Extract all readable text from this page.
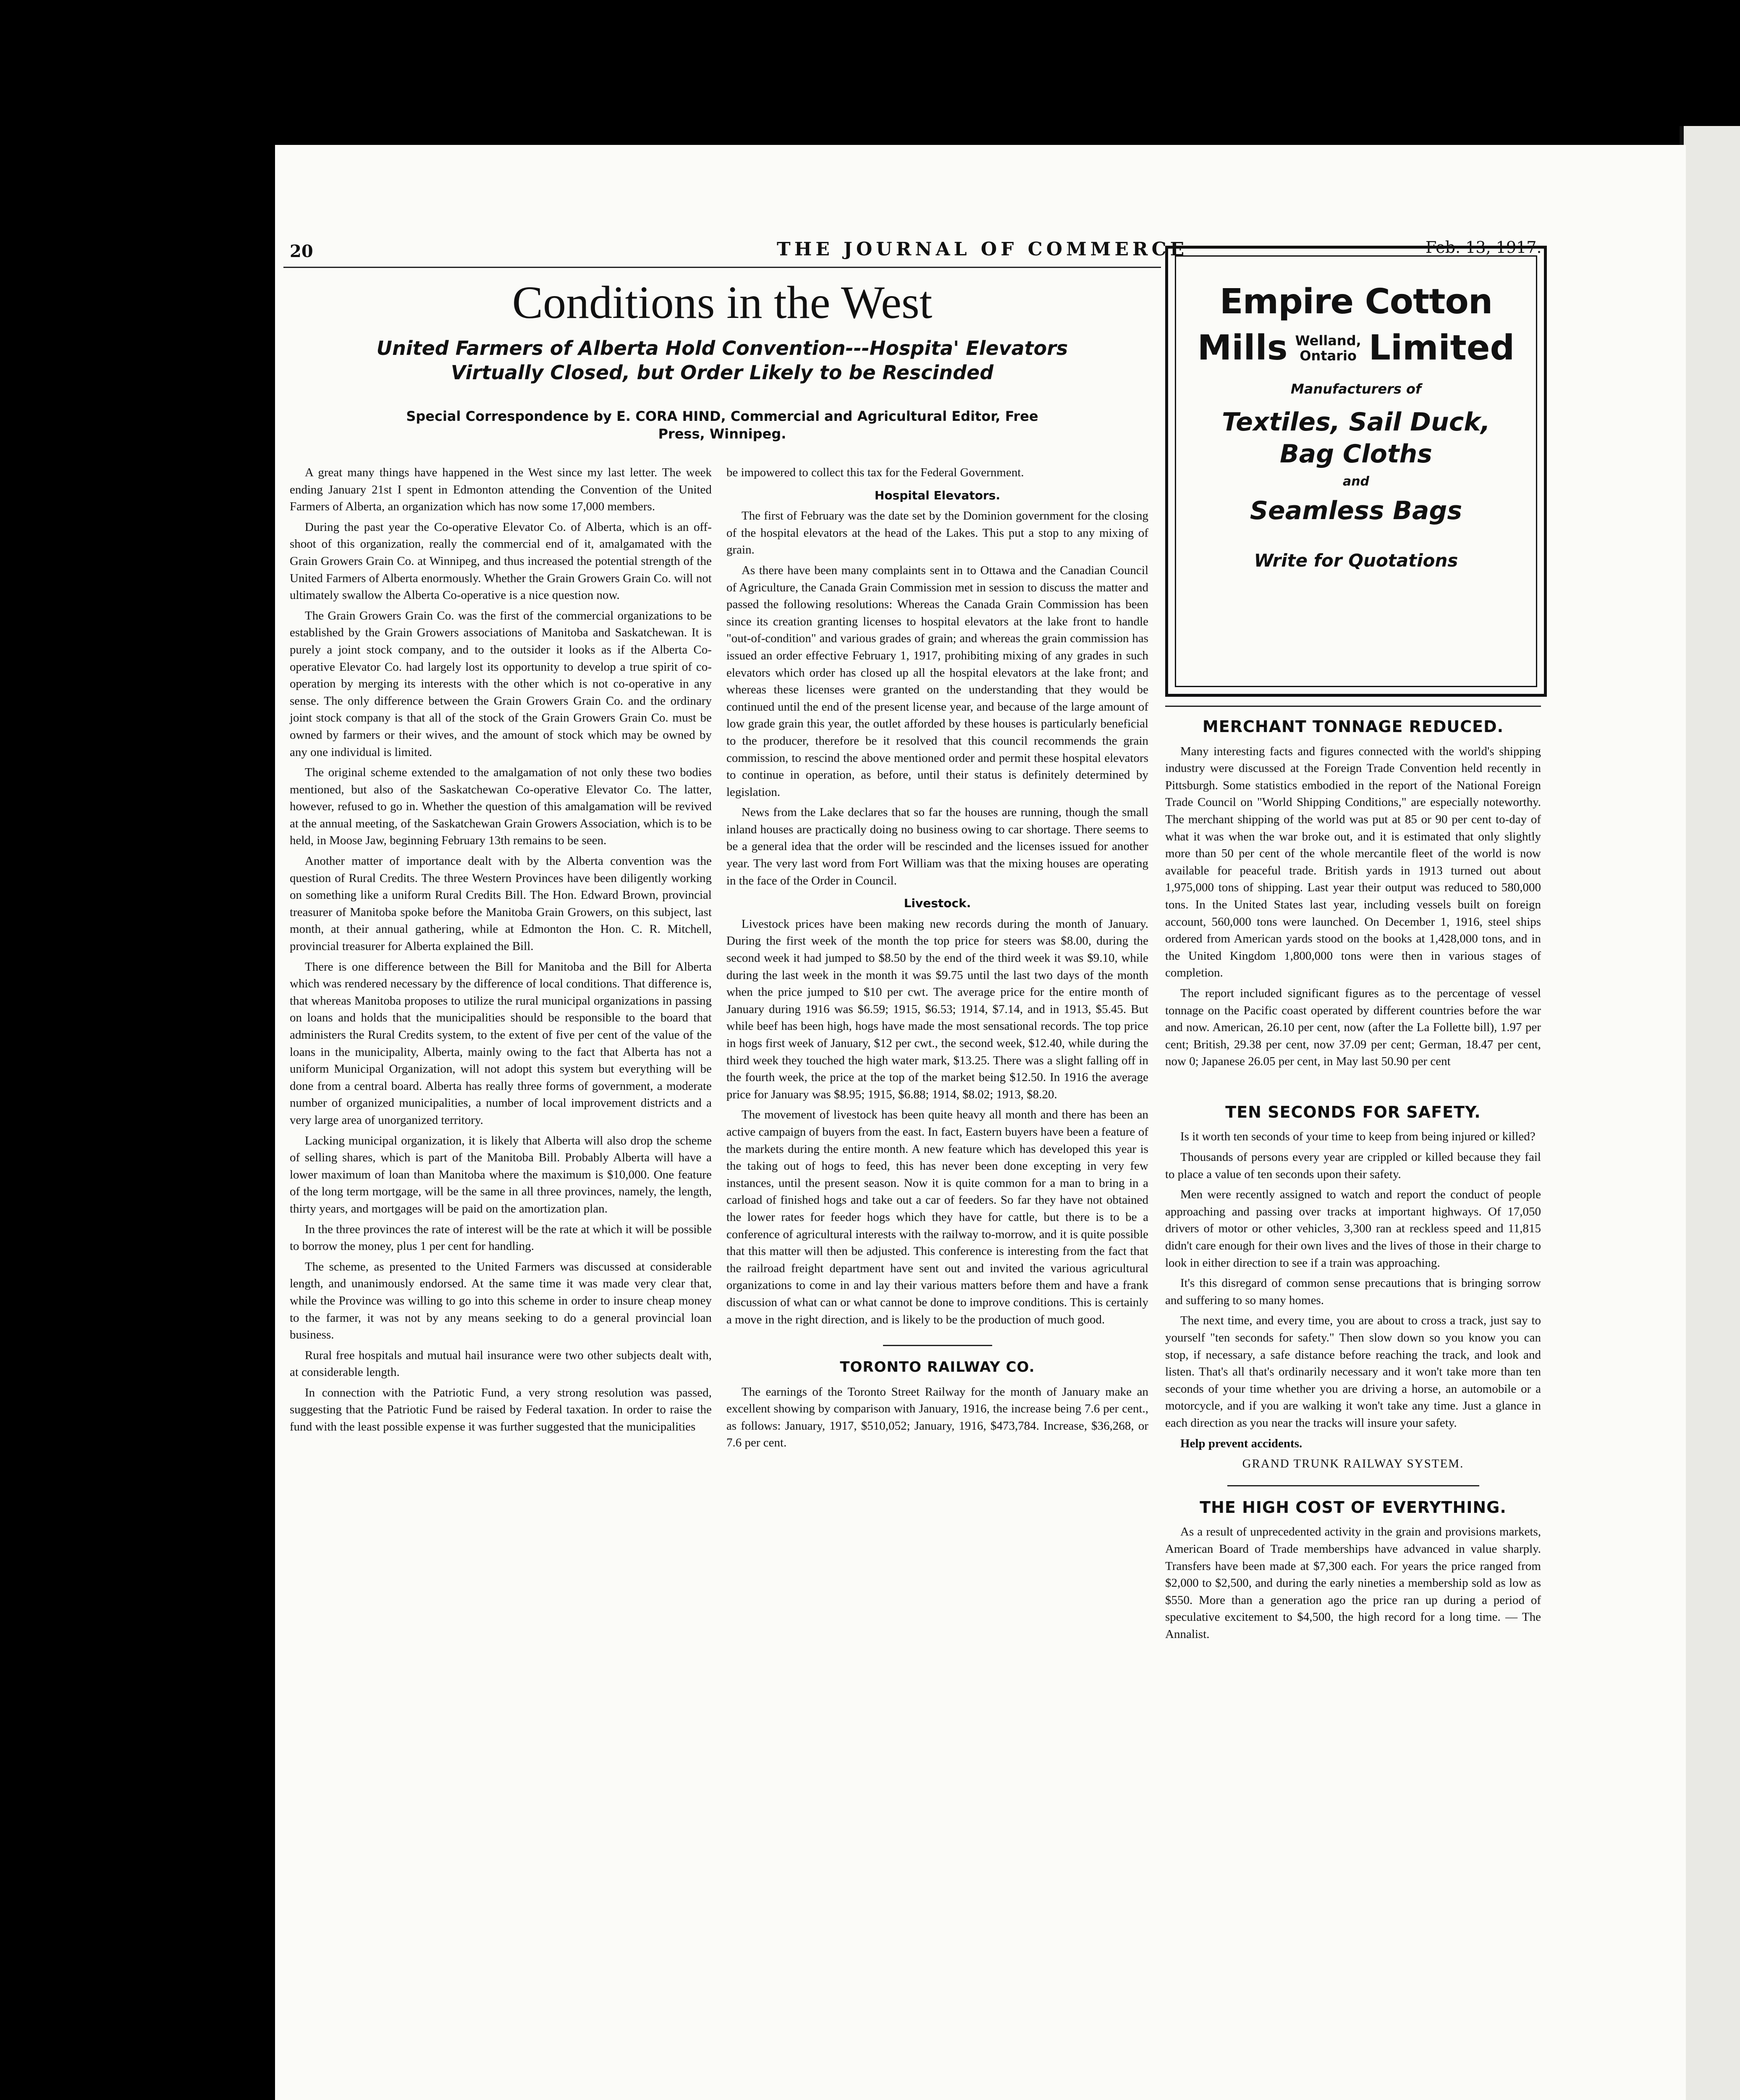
20	THE JOURNAL OF COMMERCE	Feb. 13, 1917.
Conditions in the West
United Farmers of Alberta Hold Convention---Hospita' Elevators
Virtually Closed, but Order Likely to be Rescinded
Special Correspondence by E. CORA HIND, Commercial and Agricultural Editor, Free
Press, Winnipeg.

A great many things have happened in the West since my last letter. The week ending January 21st I spent in Edmonton attending the Convention of the United Farmers of Alberta, an organization which has now some 17,000 members.

During the past year the Co-operative Elevator Co. of Alberta, which is an off-shoot of this organization, really the commercial end of it, amalgamated with the Grain Growers Grain Co. at Winnipeg, and thus increased the potential strength of the United Farmers of Alberta enormously. Whether the Grain Growers Grain Co. will not ultimately swallow the Alberta Co-operative is a nice question now.

The Grain Growers Grain Co. was the first of the commercial organizations to be established by the Grain Growers associations of Manitoba and Saskatchewan. It is purely a joint stock company, and to the outsider it looks as if the Alberta Co-operative Elevator Co. had largely lost its opportunity to develop a true spirit of co-operation by merging its interests with the other which is not co-operative in any sense. The only difference between the Grain Growers Grain Co. and the ordinary joint stock company is that all of the stock of the Grain Growers Grain Co. must be owned by farmers or their wives, and the amount of stock which may be owned by any one individual is limited.

The original scheme extended to the amalgamation of not only these two bodies mentioned, but also of the Saskatchewan Co-operative Elevator Co. The latter, however, refused to go in. Whether the question of this amalgamation will be revived at the annual meeting, of the Saskatchewan Grain Growers Association, which is to be held, in Moose Jaw, beginning February 13th remains to be seen.

Another matter of importance dealt with by the Alberta convention was the question of Rural Credits. The three Western Provinces have been diligently working on something like a uniform Rural Credits Bill. The Hon. Edward Brown, provincial treasurer of Manitoba spoke before the Manitoba Grain Growers, on this subject, last month, at their annual gathering, while at Edmonton the Hon. C. R. Mitchell, provincial treasurer for Alberta explained the Bill.

There is one difference between the Bill for Manitoba and the Bill for Alberta which was rendered necessary by the difference of local conditions. That difference is, that whereas Manitoba proposes to utilize the rural municipal organizations in passing on loans and holds that the municipalities should be responsible to the board that administers the Rural Credits system, to the extent of five per cent of the value of the loans in the municipality, Alberta, mainly owing to the fact that Alberta has not a uniform Municipal Organization, will not adopt this system but everything will be done from a central board. Alberta has really three forms of government, a moderate number of organized municipalities, a number of local improvement districts and a very large area of unorganized territory.

Lacking municipal organization, it is likely that Alberta will also drop the scheme of selling shares, which is part of the Manitoba Bill. Probably Alberta will have a lower maximum of loan than Manitoba where the maximum is $10,000. One feature of the long term mortgage, will be the same in all three provinces, namely, the length, thirty years, and mortgages will be paid on the amortization plan.

In the three provinces the rate of interest will be the rate at which it will be possible to borrow the money, plus 1 per cent for handling.

The scheme, as presented to the United Farmers was discussed at considerable length, and unanimously endorsed. At the same time it was made very clear that, while the Province was willing to go into this scheme in order to insure cheap money to the farmer, it was not by any means seeking to do a general provincial loan business.

Rural free hospitals and mutual hail insurance were two other subjects dealt with, at considerable length.

In connection with the Patriotic Fund, a very strong resolution was passed, suggesting that the Patriotic Fund be raised by Federal taxation. In order to raise the fund with the least possible expense it was further suggested that the municipalities

be impowered to collect this tax for the Federal Government.

Hospital Elevators.

The first of February was the date set by the Dominion government for the closing of the hospital elevators at the head of the Lakes. This put a stop to any mixing of grain.

As there have been many complaints sent in to Ottawa and the Canadian Council of Agriculture, the Canada Grain Commission met in session to discuss the matter and passed the following resolutions: Whereas the Canada Grain Commission has been since its creation granting licenses to hospital elevators at the lake front to handle "out-of-condition" and various grades of grain; and whereas the grain commission has issued an order effective February 1, 1917, prohibiting mixing of any grades in such elevators which order has closed up all the hospital elevators at the lake front; and whereas these licenses were granted on the understanding that they would be continued until the end of the present license year, and because of the large amount of low grade grain this year, the outlet afforded by these houses is particularly beneficial to the producer, therefore be it resolved that this council recommends the grain commission, to rescind the above mentioned order and permit these hospital elevators to continue in operation, as before, until their status is definitely determined by legislation.

News from the Lake declares that so far the houses are running, though the small inland houses are practically doing no business owing to car shortage. There seems to be a general idea that the order will be rescinded and the licenses issued for another year. The very last word from Fort William was that the mixing houses are operating in the face of the Order in Council.

Livestock.

Livestock prices have been making new records during the month of January. During the first week of the month the top price for steers was $8.00, during the second week it had jumped to $8.50 by the end of the third week it was $9.10, while during the last week in the month it was $9.75 until the last two days of the month when the price jumped to $10 per cwt. The average price for the entire month of January during 1916 was $6.59; 1915, $6.53; 1914, $7.14, and in 1913, $5.45. But while beef has been high, hogs have made the most sensational records. The top price in hogs first week of January, $12 per cwt., the second week, $12.40, while during the third week they touched the high water mark, $13.25. There was a slight falling off in the fourth week, the price at the top of the market being $12.50. In 1916 the average price for January was $8.95; 1915, $6.88; 1914, $8.02; 1913, $8.20.

The movement of livestock has been quite heavy all month and there has been an active campaign of buyers from the east. In fact, Eastern buyers have been a feature of the markets during the entire month. A new feature which has developed this year is the taking out of hogs to feed, this has never been done excepting in very few instances, until the present season. Now it is quite common for a man to bring in a carload of finished hogs and take out a car of feeders. So far they have not obtained the lower rates for feeder hogs which they have for cattle, but there is to be a conference of agricultural interests with the railway to-morrow, and it is quite possible that this matter will then be adjusted. This conference is interesting from the fact that the railroad freight department have sent out and invited the various agricultural organizations to come in and lay their various matters before them and have a frank discussion of what can or what cannot be done to improve conditions. This is certainly a move in the right direction, and is likely to be the production of much good.

TORONTO RAILWAY CO.

The earnings of the Toronto Street Railway for the month of January make an excellent showing by comparison with January, 1916, the increase being 7.6 per cent., as follows: January, 1917, $510,052; January, 1916, $473,784. Increase, $36,268, or 7.6 per cent.

Empire Cotton
Mills Welland,
Ontario Limited
Manufacturers of
Textiles, Sail Duck,
Bag Cloths
and
Seamless Bags
Write for Quotations
MERCHANT TONNAGE REDUCED.

Many interesting facts and figures connected with the world's shipping industry were discussed at the Foreign Trade Convention held recently in Pittsburgh. Some statistics embodied in the report of the National Foreign Trade Council on "World Shipping Conditions," are especially noteworthy. The merchant shipping of the world was put at 85 or 90 per cent to-day of what it was when the war broke out, and it is estimated that only slightly more than 50 per cent of the whole mercantile fleet of the world is now available for peaceful trade. British yards in 1913 turned out about 1,975,000 tons of shipping. Last year their output was reduced to 580,000 tons. In the United States last year, including vessels built on foreign account, 560,000 tons were launched. On December 1, 1916, steel ships ordered from American yards stood on the books at 1,428,000 tons, and in the United Kingdom 1,800,000 tons were then in various stages of completion.

The report included significant figures as to the percentage of vessel tonnage on the Pacific coast operated by different countries before the war and now. American, 26.10 per cent, now (after the La Follette bill), 1.97 per cent; British, 29.38 per cent, now 37.09 per cent; German, 18.47 per cent, now 0; Japanese 26.05 per cent, in May last 50.90 per cent

TEN SECONDS FOR SAFETY.

Is it worth ten seconds of your time to keep from being injured or killed?

Thousands of persons every year are crippled or killed because they fail to place a value of ten seconds upon their safety.

Men were recently assigned to watch and report the conduct of people approaching and passing over tracks at important highways. Of 17,050 drivers of motor or other vehicles, 3,300 ran at reckless speed and 11,815 didn't care enough for their own lives and the lives of those in their charge to look in either direction to see if a train was approaching.

It's this disregard of common sense precautions that is bringing sorrow and suffering to so many homes.

The next time, and every time, you are about to cross a track, just say to yourself "ten seconds for safety." Then slow down so you know you can stop, if necessary, a safe distance before reaching the track, and look and listen. That's all that's ordinarily necessary and it won't take more than ten seconds of your time whether you are driving a horse, an automobile or a motorcycle, and if you are walking it won't take any time. Just a glance in each direction as you near the tracks will insure your safety.

Help prevent accidents.

GRAND TRUNK RAILWAY SYSTEM.

THE HIGH COST OF EVERYTHING.

As a result of unprecedented activity in the grain and provisions markets, American Board of Trade memberships have advanced in value sharply. Transfers have been made at $7,300 each. For years the price ranged from $2,000 to $2,500, and during the early nineties a membership sold as low as $550. More than a generation ago the price ran up during a period of speculative excitement to $4,500, the high record for a long time. — The Annalist.
